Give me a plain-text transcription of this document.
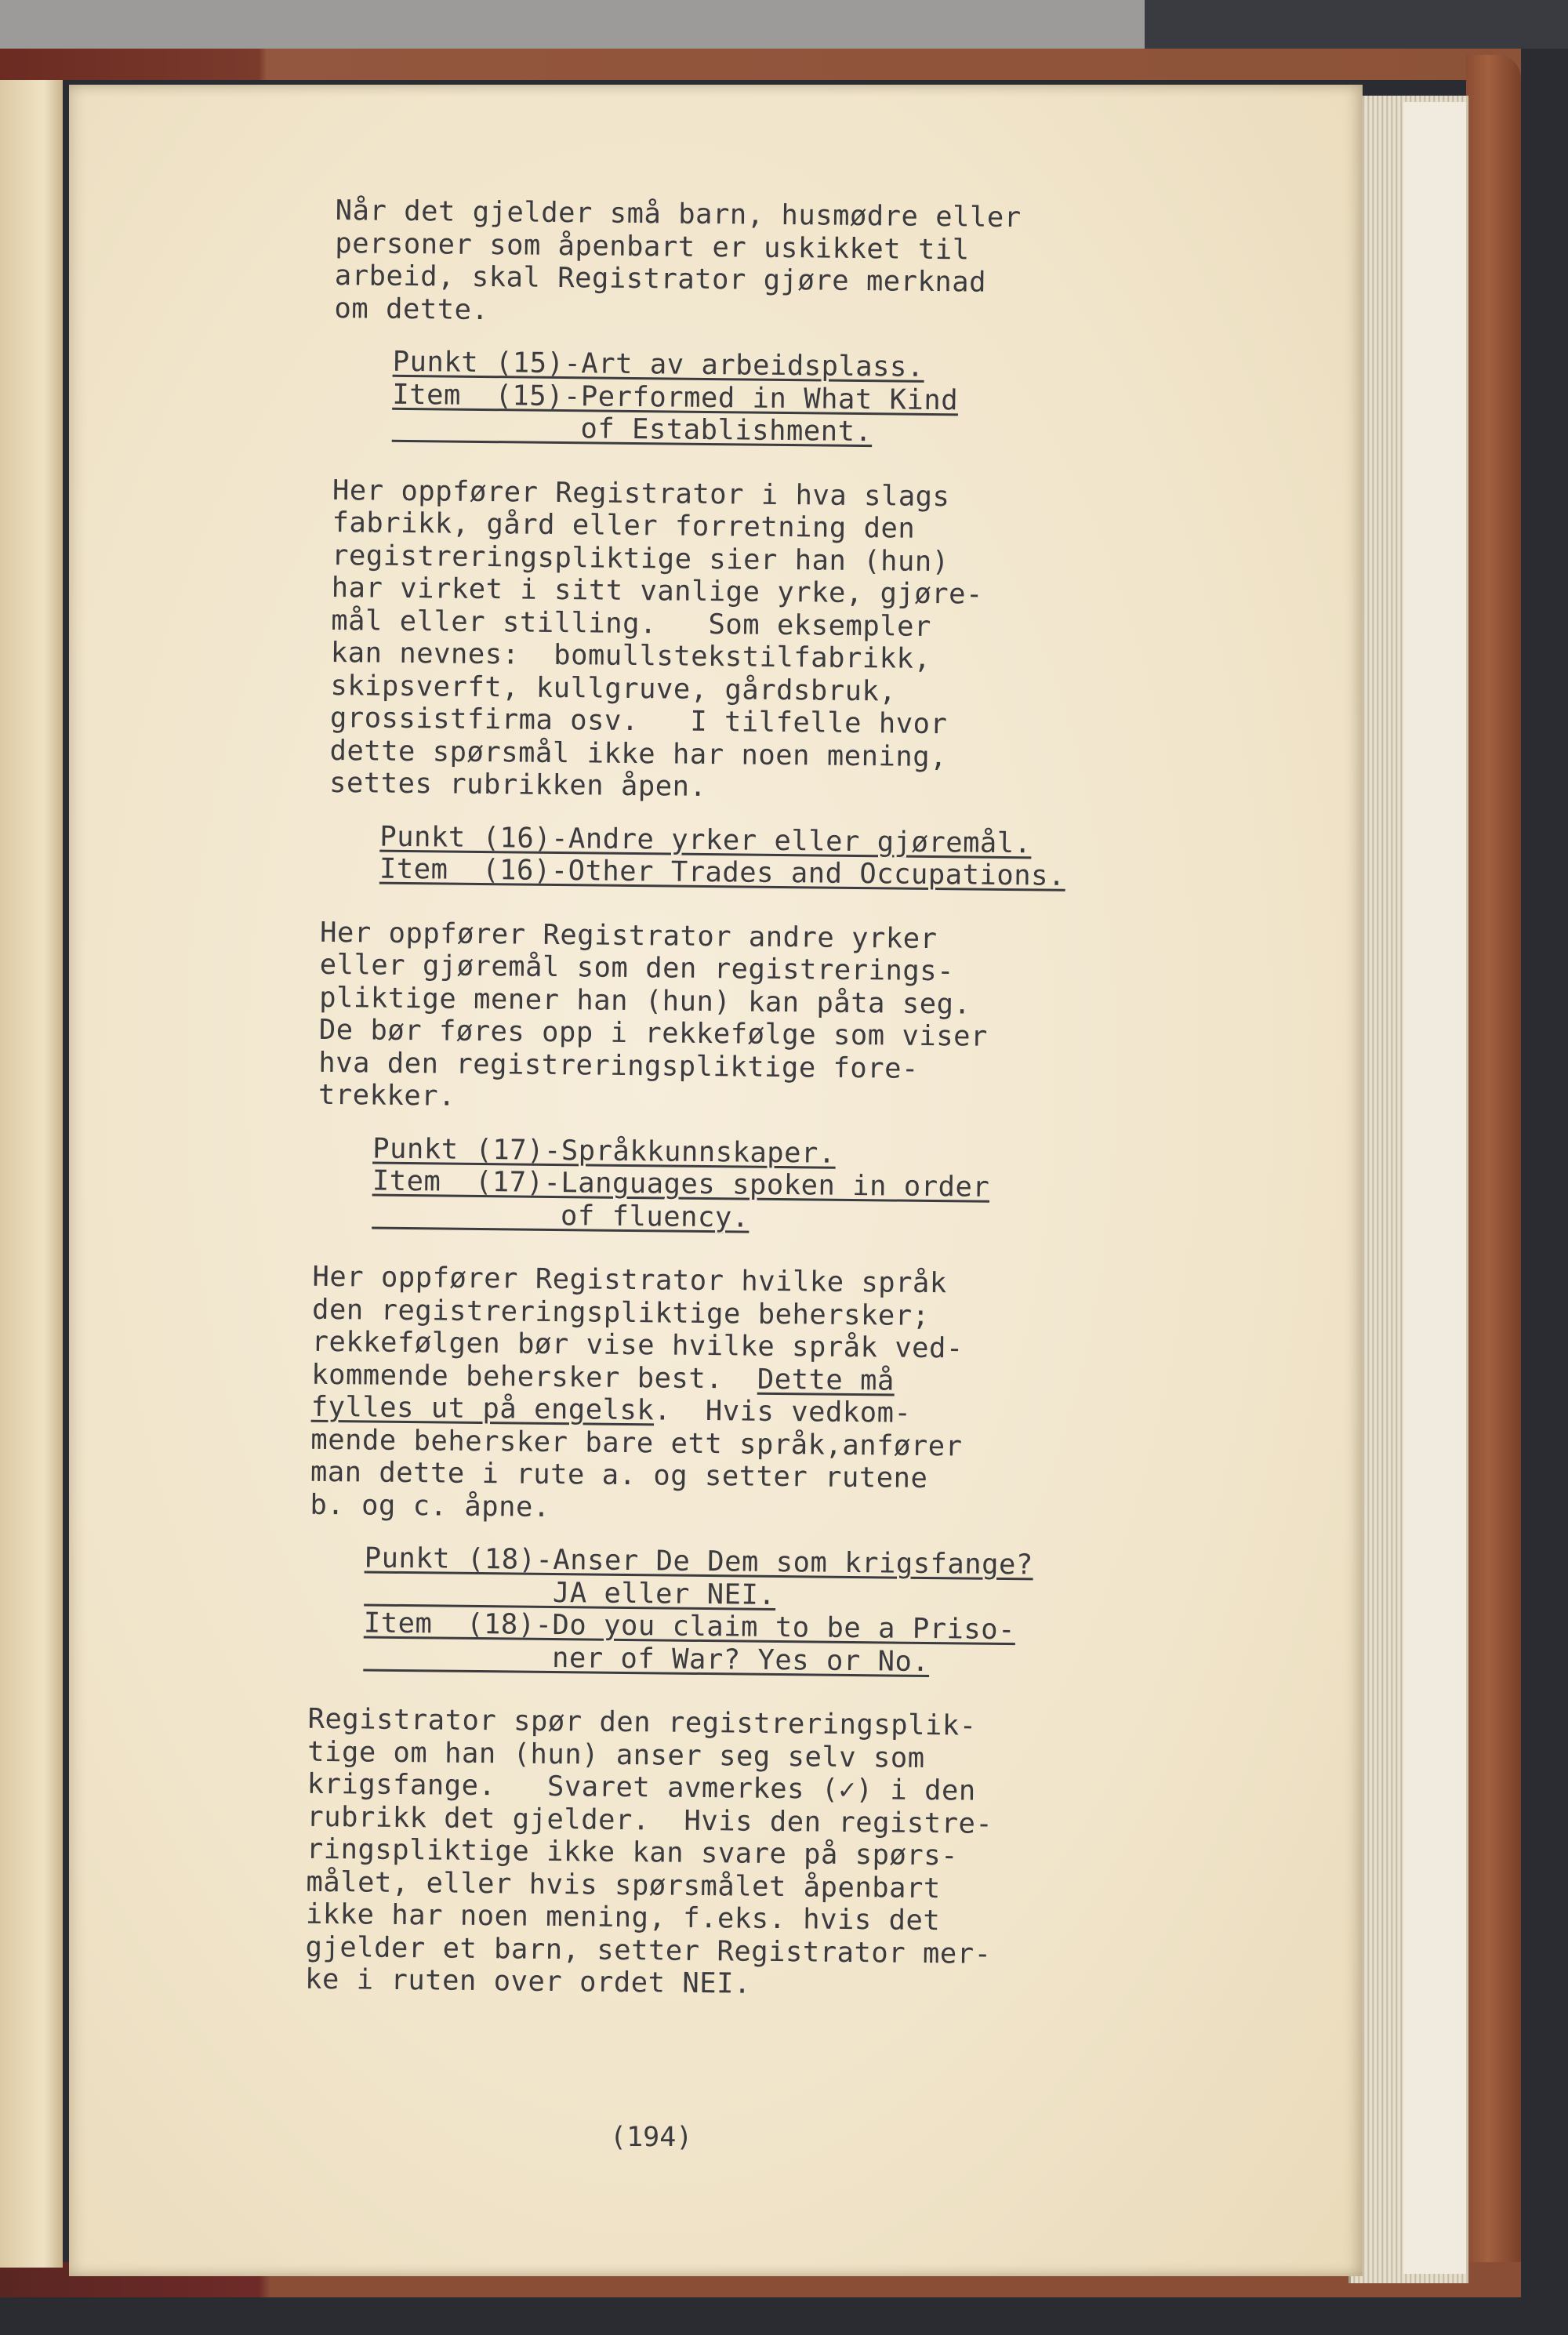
Når det gjelder små barn, husmødre eller
personer som åpenbart er uskikket til
arbeid, skal Registrator gjøre merknad
om dette.
Punkt (15)-Art av arbeidsplass.
Item  (15)-Performed in What Kind
of Establishment.
Her oppfører Registrator i hva slags
fabrikk, gård eller forretning den
registreringspliktige sier han (hun)
har virket i sitt vanlige yrke, gjøre-
mål eller stilling.   Som eksempler
kan nevnes:  bomullstekstilfabrikk,
skipsverft, kullgruve, gårdsbruk,
grossistfirma osv.   I tilfelle hvor
dette spørsmål ikke har noen mening,
settes rubrikken åpen.
Punkt (16)-Andre yrker eller gjøremål.
Item  (16)-Other Trades and Occupations.
Her oppfører Registrator andre yrker
eller gjøremål som den registrerings-
pliktige mener han (hun) kan påta seg.
De bør føres opp i rekkefølge som viser
hva den registreringspliktige fore-
trekker.
Punkt (17)-Språkkunnskaper.
Item  (17)-Languages spoken in order
of fluency.
Her oppfører Registrator hvilke språk
den registreringspliktige behersker;
rekkefølgen bør vise hvilke språk ved-
kommende behersker best.  Dette må
fylles ut på engelsk.  Hvis vedkom-
mende behersker bare ett språk,anfører
man dette i rute a. og setter rutene
b. og c. åpne.
Punkt (18)-Anser De Dem som krigsfange?
JA eller NEI.
Item  (18)-Do you claim to be a Priso-
ner of War? Yes or No.
Registrator spør den registreringsplik-
tige om han (hun) anser seg selv som
krigsfange.   Svaret avmerkes (✓) i den
rubrikk det gjelder.  Hvis den registre-
ringspliktige ikke kan svare på spørs-
målet, eller hvis spørsmålet åpenbart
ikke har noen mening, f.eks. hvis det
gjelder et barn, setter Registrator mer-
ke i ruten over ordet NEI.
(194)
